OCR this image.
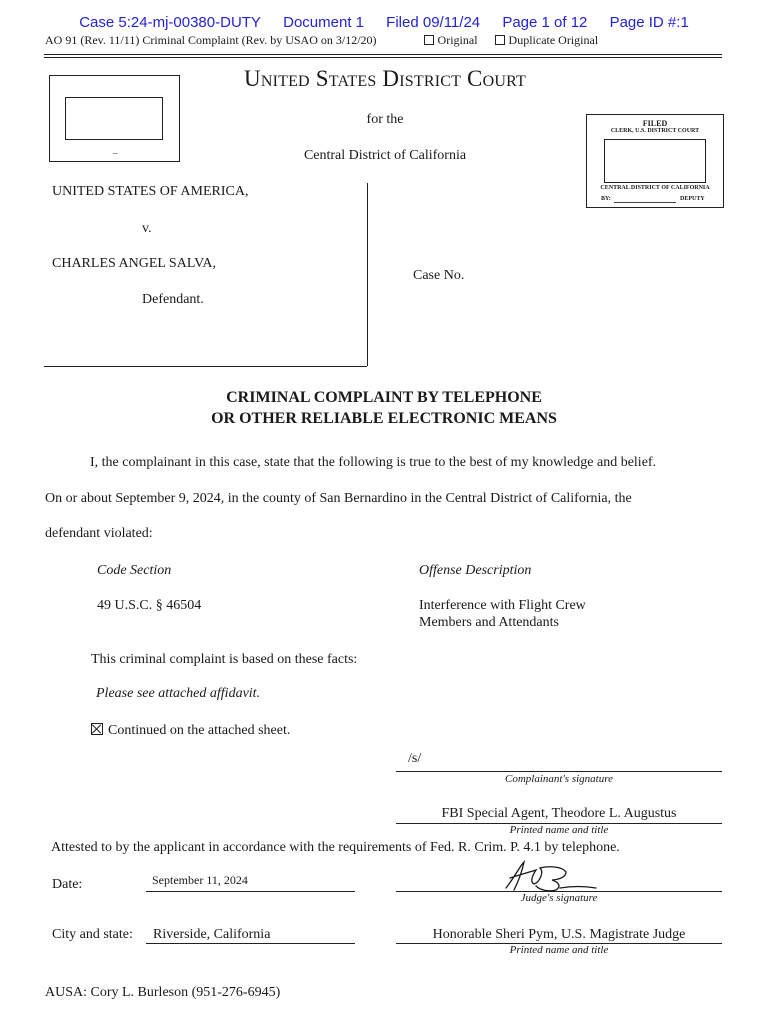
Case 5:24-mj-00380-DUTY Document 1 Filed 09/11/24 Page 1 of 12 Page ID #:1
AO 91 (Rev. 11/11) Criminal Complaint (Rev. by USAO on 3/12/20)	Original	Duplicate Original
United States District Court
–
for the
Central District of California
FILED
CLERK, U.S. DISTRICT COURT
CENTRAL DISTRICT OF CALIFORNIA
BY:	DEPUTY
UNITED STATES OF AMERICA,
v.
CHARLES ANGEL SALVA,
Defendant.
Case No.
CRIMINAL COMPLAINT BY TELEPHONE
OR OTHER RELIABLE ELECTRONIC MEANS
I, the complainant in this case, state that the following is true to the best of my knowledge and belief.
On or about September 9, 2024, in the county of San Bernardino in the Central District of California, the
defendant violated:
Code Section	Offense Description
49 U.S.C. § 46504	Interference with Flight Crew
Members and Attendants
This criminal complaint is based on these facts:
Please see attached affidavit.
Continued on the attached sheet.
/s/
Complainant's signature
FBI Special Agent, Theodore L. Augustus
Printed name and title
Attested to by the applicant in accordance with the requirements of Fed. R. Crim. P. 4.1 by telephone.
Date:	September 11, 2024
Judge's signature
City and state: Riverside, California	Honorable Sheri Pym, U.S. Magistrate Judge
Printed name and title
AUSA: Cory L. Burleson (951-276-6945)
